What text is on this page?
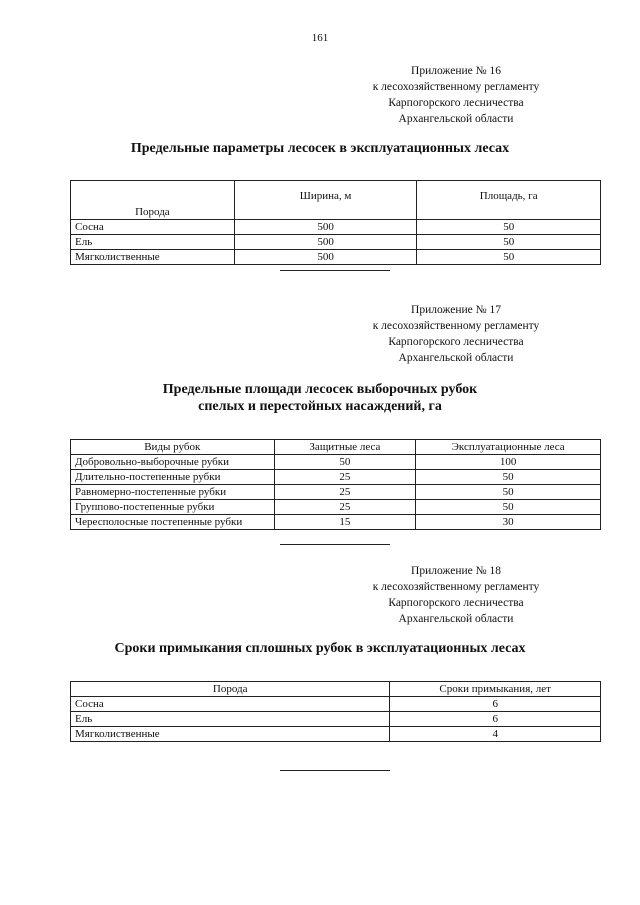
161
Приложение № 16
к лесохозяйственному регламенту
Карпогорского лесничества
Архангельской области
Предельные параметры лесосек в эксплуатационных лесах
Порода	Ширина, м	Площадь, га
Сосна	500	50
Ель	500	50
Мягколиственные	500	50
Приложение № 17
к лесохозяйственному регламенту
Карпогорского лесничества
Архангельской области
Предельные площади лесосек выборочных рубок
спелых и перестойных насаждений, га
Виды рубок	Защитные леса	Эксплуатационные леса
Добровольно-выборочные рубки	50	100
Длительно-постепенные рубки	25	50
Равномерно-постепенные рубки	25	50
Группово-постепенные рубки	25	50
Чересполосные постепенные рубки	15	30
Приложение № 18
к лесохозяйственному регламенту
Карпогорского лесничества
Архангельской области
Сроки примыкания сплошных рубок в эксплуатационных лесах
Порода	Сроки примыкания, лет
Сосна	6
Ель	6
Мягколиственные	4
